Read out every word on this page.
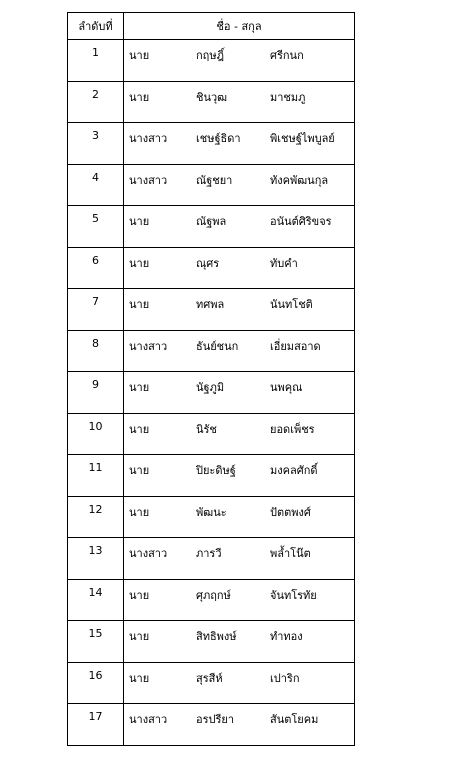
ลำดับที่	ชื่อ - สกุล
1	นาย กฤษฎิ์ ศรีกนก

2	นาย ชินวุฒ มาชมภู

3	นางสาว เชษฐ์ธิดา พิเชษฐ์ไพบูลย์

4	นางสาว ณัฐชยา ทังคพัฒนกุล

5	นาย ณัฐพล อนันต์ศิริขจร

6	นาย ณุศร ทับคำ

7	นาย ทศพล นันทโชติ

8	นางสาว ธันย์ชนก เอี่ยมสอาด

9	นาย นัฐภูมิ นพคุณ

10	นาย นิรัช ยอดเพ็ชร

11	นาย ปิยะดิษฐ์ มงคลศักดิ์

12	นาย พัฒนะ ปัตตพงศ์

13	นางสาว ภารวี พลํ้าโน๊ต

14	นาย ศุภฤกษ์ จันทโรทัย

15	นาย สิทธิพงษ์ ทำทอง

16	นาย สุรสีห์ เปาริก

17	นางสาว อรปรียา สันตโยคม
